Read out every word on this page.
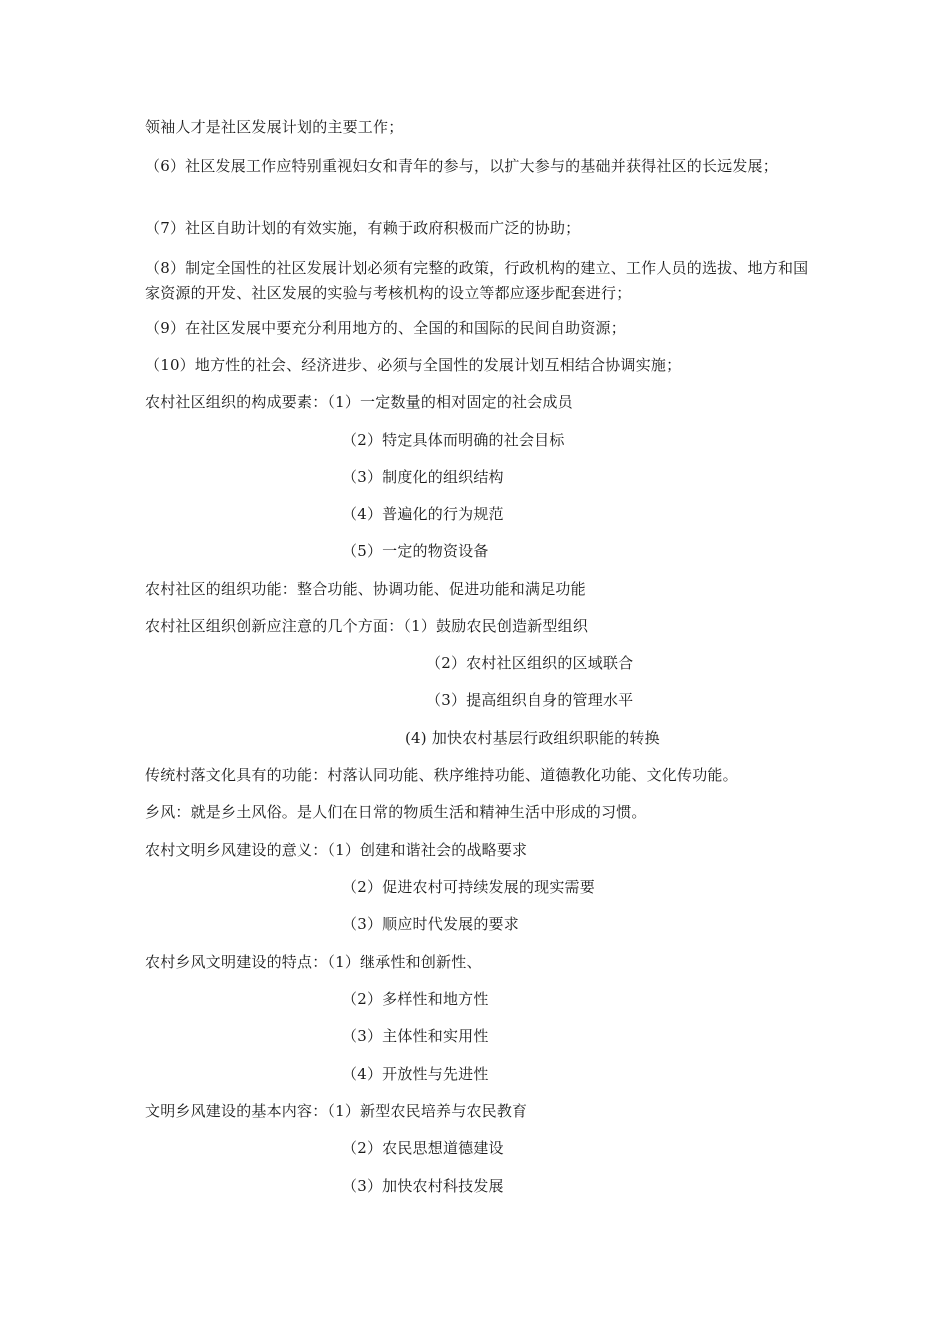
领袖人才是社区发展计划的主要工作；
（6）社区发展工作应特别重视妇女和青年的参与，以扩大参与的基础并获得社区的长远发展；
（7）社区自助计划的有效实施，有赖于政府积极而广泛的协助；
（8）制定全国性的社区发展计划必须有完整的政策，行政机构的建立、工作人员的选拔、地方和国家资源的开发、社区发展的实验与考核机构的设立等都应逐步配套进行；
（9）在社区发展中要充分利用地方的、全国的和国际的民间自助资源；
（10）地方性的社会、经济进步、必须与全国性的发展计划互相结合协调实施；
农村社区组织的构成要素：（1）一定数量的相对固定的社会成员
（2）特定具体而明确的社会目标
（3）制度化的组织结构
（4）普遍化的行为规范
（5）一定的物资设备
农村社区的组织功能：整合功能、协调功能、促进功能和满足功能
农村社区组织创新应注意的几个方面：（1）鼓励农民创造新型组织
（2）农村社区组织的区域联合
（3）提高组织自身的管理水平
(4) 加快农村基层行政组织职能的转换
传统村落文化具有的功能：村落认同功能、秩序维持功能、道德教化功能、文化传功能。
乡风：就是乡土风俗。是人们在日常的物质生活和精神生活中形成的习惯。
农村文明乡风建设的意义：（1）创建和谐社会的战略要求
（2）促进农村可持续发展的现实需要
（3）顺应时代发展的要求
农村乡风文明建设的特点：（1）继承性和创新性、
（2）多样性和地方性
（3）主体性和实用性
（4）开放性与先进性
文明乡风建设的基本内容：（1）新型农民培养与农民教育
（2）农民思想道德建设
（3）加快农村科技发展
